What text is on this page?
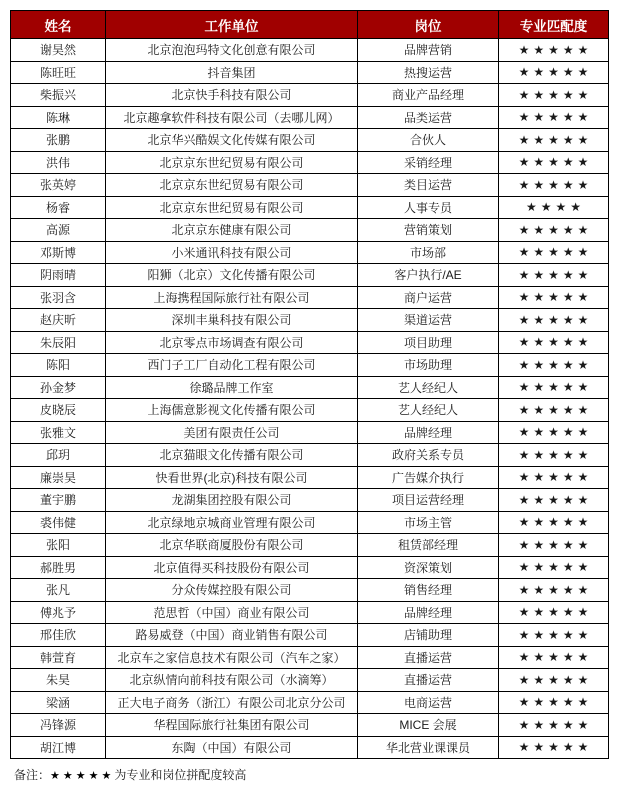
姓名	工作单位	岗位	专业匹配度
谢昊然	北京泡泡玛特文化创意有限公司	品牌营销	★★★★★
陈旺旺	抖音集团	热搜运营	★★★★★
柴振兴	北京快手科技有限公司	商业产品经理	★★★★★
陈琳	北京趣拿软件科技有限公司（去哪儿网）	品类运营	★★★★★
张鹏	北京华兴酷娱文化传媒有限公司	合伙人	★★★★★
洪伟	北京京东世纪贸易有限公司	采销经理	★★★★★
张英婷	北京京东世纪贸易有限公司	类目运营	★★★★★
杨睿	北京京东世纪贸易有限公司	人事专员	★★★★
高源	北京京东健康有限公司	营销策划	★★★★★
邓斯博	小米通讯科技有限公司	市场部	★★★★★
阴雨晴	阳狮（北京）文化传播有限公司	客户执行/AE	★★★★★
张羽含	上海携程国际旅行社有限公司	商户运营	★★★★★
赵庆昕	深圳丰巢科技有限公司	渠道运营	★★★★★
朱辰阳	北京零点市场调查有限公司	项目助理	★★★★★
陈阳	西门子工厂自动化工程有限公司	市场助理	★★★★★
孙金梦	徐璐品牌工作室	艺人经纪人	★★★★★
皮晓辰	上海儒意影视文化传播有限公司	艺人经纪人	★★★★★
张雅文	美团有限责任公司	品牌经理	★★★★★
邱玥	北京猫眼文化传播有限公司	政府关系专员	★★★★★
廉崇昊	快看世界(北京)科技有限公司	广告媒介执行	★★★★★
董宇鹏	龙湖集团控股有限公司	项目运营经理	★★★★★
裘伟健	北京绿地京城商业管理有限公司	市场主管	★★★★★
张阳	北京华联商厦股份有限公司	租赁部经理	★★★★★
郝胜男	北京值得买科技股份有限公司	资深策划	★★★★★
张凡	分众传媒控股有限公司	销售经理	★★★★★
傅兆予	范思哲（中国）商业有限公司	品牌经理	★★★★★
邢佳欣	路易威登（中国）商业销售有限公司	店铺助理	★★★★★
韩萱育	北京车之家信息技术有限公司（汽车之家）	直播运营	★★★★★
朱昊	北京纵情向前科技有限公司（水滴筹）	直播运营	★★★★★
梁涵	正大电子商务（浙江）有限公司北京分公司	电商运营	★★★★★
冯锋源	华程国际旅行社集团有限公司	MICE 会展	★★★★★
胡江博	东陶（中国）有限公司	华北营业课课员	★★★★★
备注：★★★★★为专业和岗位拼配度较高
